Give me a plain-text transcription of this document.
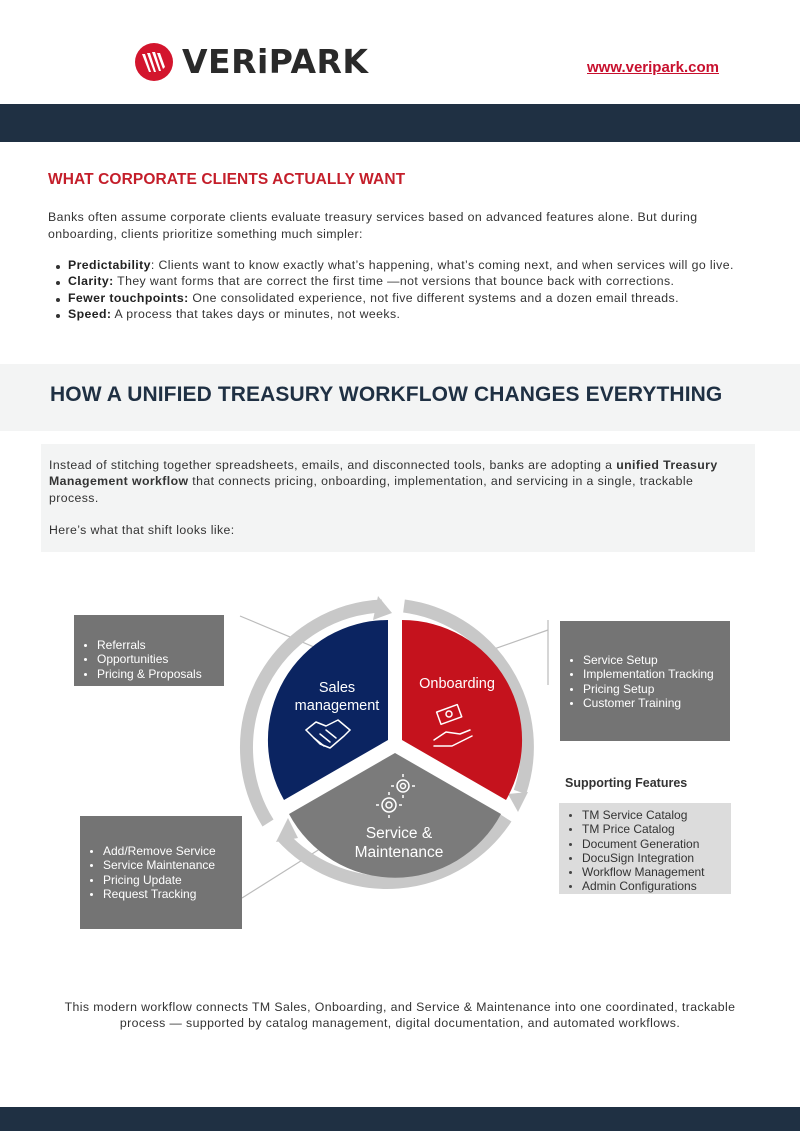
VERiPARK	www.veripark.com
WHAT CORPORATE CLIENTS ACTUALLY WANT

Banks often assume corporate clients evaluate treasury services based on advanced features alone. But during onboarding, clients prioritize something much simpler:

Predictability: Clients want to know exactly what’s happening, what’s coming next, and when services will go live.
Clarity: They want forms that are correct the first time —not versions that bounce back with corrections.
Fewer touchpoints: One consolidated experience, not five different systems and a dozen email threads.
Speed: A process that takes days or minutes, not weeks.
HOW A UNIFIED TREASURY WORKFLOW CHANGES EVERYTHING

Instead of stitching together spreadsheets, emails, and disconnected tools, banks are adopting a unified Treasury Management workflow that connects pricing, onboarding, implementation, and servicing in a single, trackable process.

Here’s what that shift looks like:

Sales management
Onboarding
Service & Maintenance
Referrals
Opportunities
Pricing & Proposals
Service Setup
Implementation Tracking
Pricing Setup
Customer Training
Add/Remove Service
Service Maintenance
Pricing Update
Request Tracking
Supporting Features
TM Service Catalog
TM Price Catalog
Document Generation
DocuSign Integration
Workflow Management
Admin Configurations

This modern workflow connects TM Sales, Onboarding, and Service & Maintenance into one coordinated, trackable process — supported by catalog management, digital documentation, and automated workflows.
